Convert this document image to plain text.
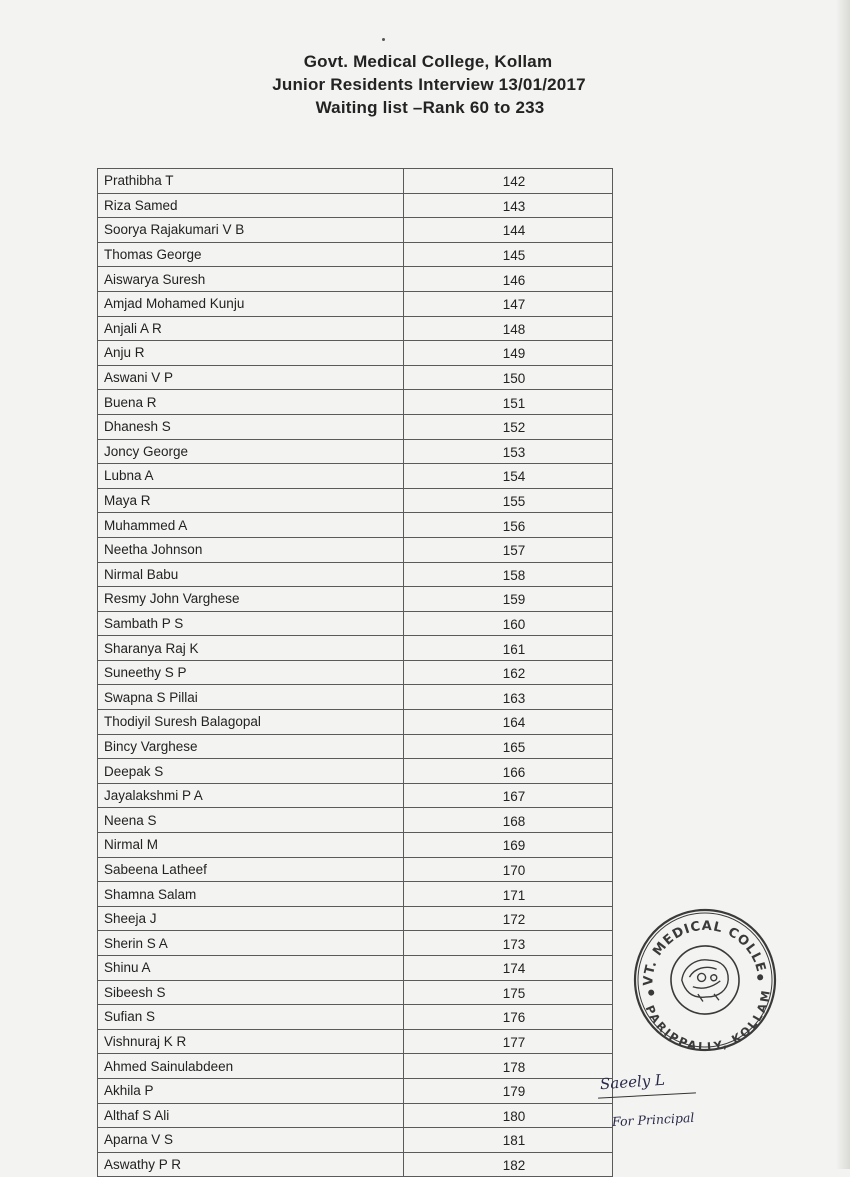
Govt. Medical College, Kollam
Junior Residents Interview 13/01/2017
Waiting list –Rank 60 to 233
Prathibha T	142
Riza Samed	143
Soorya Rajakumari V B	144
Thomas George	145
Aiswarya Suresh	146
Amjad Mohamed Kunju	147
Anjali A R	148
Anju R	149
Aswani V P	150
Buena R	151
Dhanesh S	152
Joncy George	153
Lubna A	154
Maya R	155
Muhammed A	156
Neetha Johnson	157
Nirmal Babu	158
Resmy John Varghese	159
Sambath P S	160
Sharanya Raj K	161
Suneethy S P	162
Swapna S Pillai	163
Thodiyil Suresh Balagopal	164
Bincy Varghese	165
Deepak S	166
Jayalakshmi P A	167
Neena S	168
Nirmal M	169
Sabeena Latheef	170
Shamna Salam	171
Sheeja J	172
Sherin S A	173
Shinu A	174
Sibeesh S	175
Sufian S	176
Vishnuraj K R	177
Ahmed Sainulabdeen	178
Akhila P	179
Althaf S Ali	180
Aparna V S	181
Aswathy P R	182
GOVT. MEDICAL COLLEGE
PARIPPALLY, KOLLAM
Saeely L
For Principal
